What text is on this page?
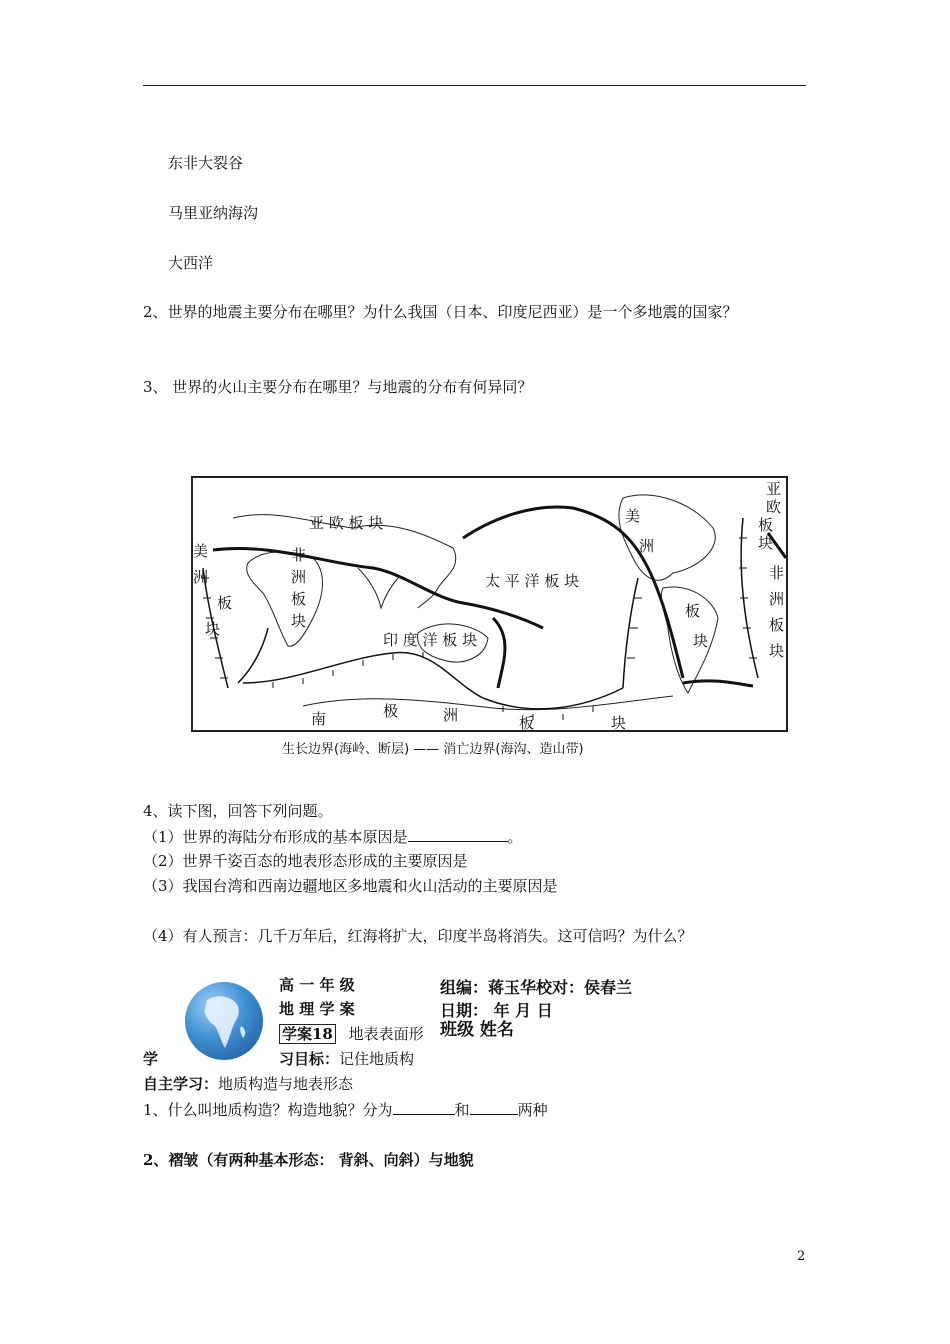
东非大裂谷
马里亚纳海沟
大西洋
2、世界的地震主要分布在哪里？为什么我国（日本、印度尼西亚）是一个多地震的国家？
3、 世界的火山主要分布在哪里？与地震的分布有何异同？
亚 欧 板 块
非
洲
板
块
太 平 洋 板 块
印 度 洋 板 块
美
洲
板
块
美
洲
板
块
亚
欧
板
块
非
洲
板
块
南	极	洲	板	块
生长边界(海岭、断层) —— 消亡边界(海沟、造山带)
4、读下图，回答下列问题。
（1）世界的海陆分布形成的基本原因是	。
（2）世界千姿百态的地表形态形成的主要原因是
（3）我国台湾和西南边疆地区多地震和火山活动的主要原因是
（4）有人预言：几千万年后，红海将扩大，印度半岛将消失。这可信吗？为什么？
高 一 年 级
地 理 学 案
组编：蒋玉华校对：侯春兰
日期： 年 月 日
学案18 地表表面形 班级 姓名
学	习目标：记住地质构
自主学习：地质构造与地表形态
1、什么叫地质构造？构造地貌？分为	和	两种
2、褶皱（有两种基本形态： 背斜、向斜）与地貌
2
